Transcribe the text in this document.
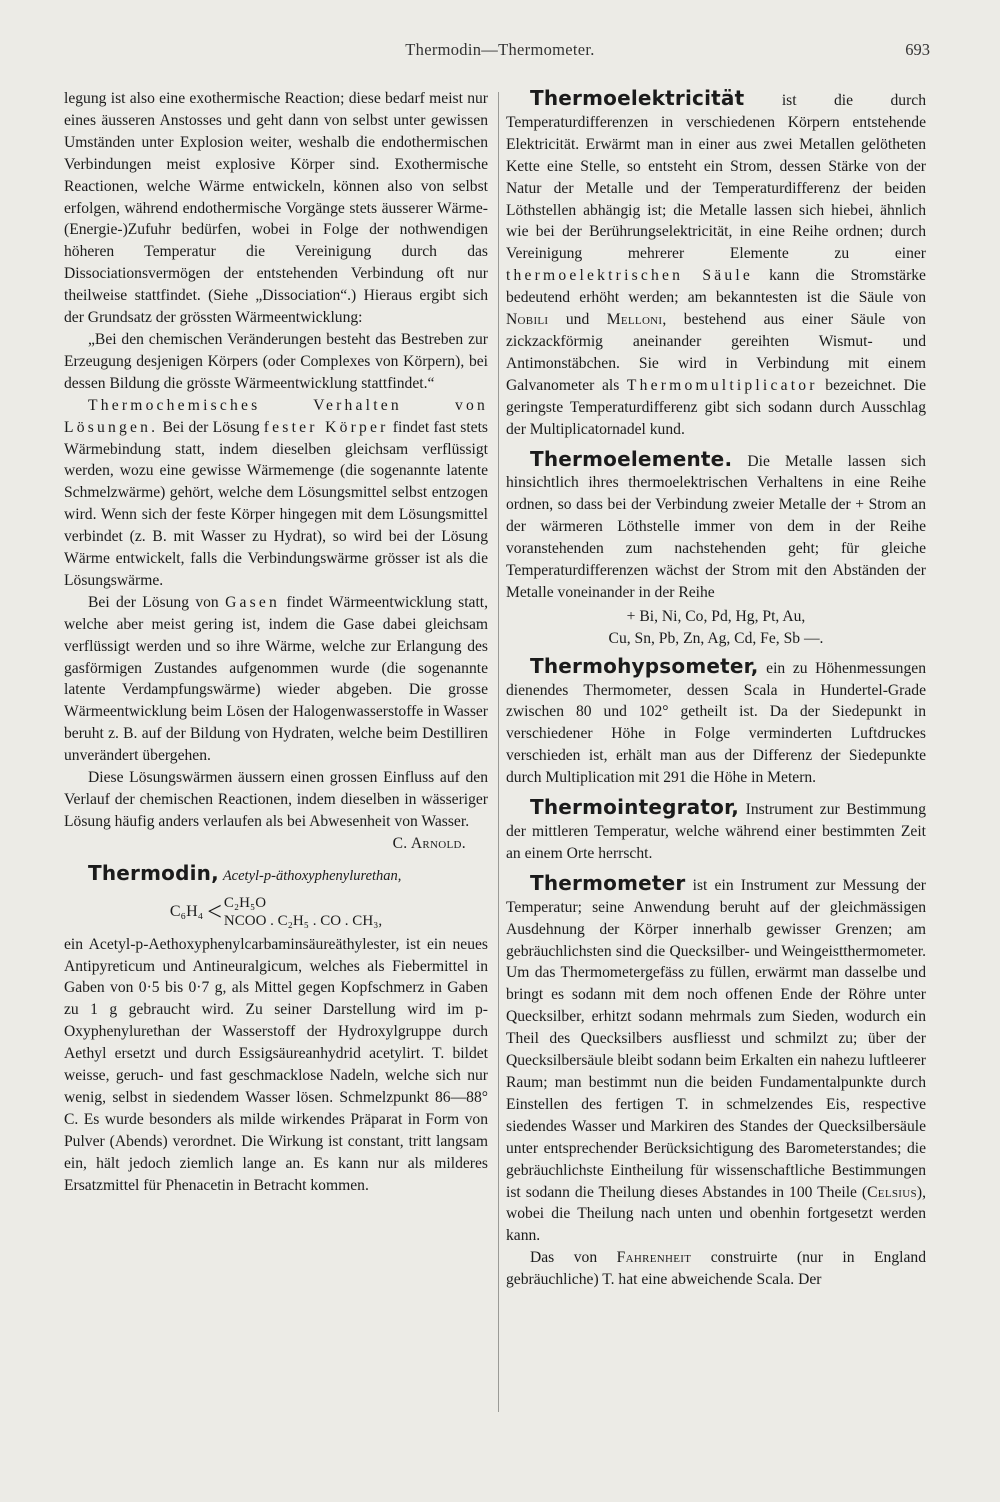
Thermodin—Thermometer.	693

legung ist also eine exothermische Reaction; diese bedarf meist nur eines äusseren Anstosses und geht dann von selbst unter gewissen Umständen unter Explosion weiter, weshalb die endothermischen Verbindungen meist explosive Körper sind. Exothermische Reactionen, welche Wärme entwickeln, können also von selbst erfolgen, während endothermische Vorgänge stets äusserer Wärme-(Energie-)Zufuhr bedürfen, wobei in Folge der nothwendigen höheren Temperatur die Vereinigung durch das Dissociationsvermögen der entstehenden Verbindung oft nur theilweise stattfindet. (Siehe „Dissociation“.) Hieraus ergibt sich der Grundsatz der grössten Wärmeentwicklung:

„Bei den chemischen Veränderungen besteht das Bestreben zur Erzeugung desjenigen Körpers (oder Complexes von Körpern), bei dessen Bildung die grösste Wärmeentwicklung stattfindet.“

Thermochemisches Verhalten von Lösungen. Bei der Lösung fester Körper findet fast stets Wärmebindung statt, indem dieselben gleichsam verflüssigt werden, wozu eine gewisse Wärmemenge (die sogenannte latente Schmelzwärme) gehört, welche dem Lösungsmittel selbst entzogen wird. Wenn sich der feste Körper hingegen mit dem Lösungsmittel verbindet (z. B. mit Wasser zu Hydrat), so wird bei der Lösung Wärme entwickelt, falls die Verbindungswärme grösser ist als die Lösungswärme.

Bei der Lösung von Gasen findet Wärmeentwicklung statt, welche aber meist gering ist, indem die Gase dabei gleichsam verflüssigt werden und so ihre Wärme, welche zur Erlangung des gasförmigen Zustandes aufgenommen wurde (die sogenannte latente Verdampfungswärme) wieder abgeben. Die grosse Wärmeentwicklung beim Lösen der Halogenwasserstoffe in Wasser beruht z. B. auf der Bildung von Hydraten, welche beim Destilliren unverändert übergehen.

Diese Lösungswärmen äussern einen grossen Einfluss auf den Verlauf der chemischen Reactionen, indem dieselben in wässeriger Lösung häufig anders verlaufen als bei Abwesenheit von Wasser.

C. Arnold.

Thermodin, Acetyl-p-äthoxyphenylurethan,

C₆H₄ < C₂H₅O
NCOO . C₂H₅ . CO . CH₃,

ein Acetyl-p-Aethoxyphenylcarbaminsäureäthylester, ist ein neues Antipyreticum und Antineuralgicum, welches als Fiebermittel in Gaben von 0·5 bis 0·7 g, als Mittel gegen Kopfschmerz in Gaben zu 1 g gebraucht wird. Zu seiner Darstellung wird im p-Oxyphenylurethan der Wasserstoff der Hydroxylgruppe durch Aethyl ersetzt und durch Essigsäureanhydrid acetylirt. T. bildet weisse, geruch- und fast geschmacklose Nadeln, welche sich nur wenig, selbst in siedendem Wasser lösen. Schmelzpunkt 86—88° C. Es wurde besonders als milde wirkendes Präparat in Form von Pulver (Abends) verordnet. Die Wirkung ist constant, tritt langsam ein, hält jedoch ziemlich lange an. Es kann nur als milderes Ersatzmittel für Phenacetin in Betracht kommen.

Thermoelektricität ist die durch Temperaturdifferenzen in verschiedenen Körpern entstehende Elektricität. Erwärmt man in einer aus zwei Metallen gelötheten Kette eine Stelle, so entsteht ein Strom, dessen Stärke von der Natur der Metalle und der Temperaturdifferenz der beiden Löthstellen abhängig ist; die Metalle lassen sich hiebei, ähnlich wie bei der Berührungselektricität, in eine Reihe ordnen; durch Vereinigung mehrerer Elemente zu einer thermoelektrischen Säule kann die Stromstärke bedeutend erhöht werden; am bekanntesten ist die Säule von Nobili und Melloni, bestehend aus einer Säule von zickzackförmig aneinander gereihten Wismut- und Antimonstäbchen. Sie wird in Verbindung mit einem Galvanometer als Thermomultiplicator bezeichnet. Die geringste Temperaturdifferenz gibt sich sodann durch Ausschlag der Multiplicatornadel kund.

Thermoelemente. Die Metalle lassen sich hinsichtlich ihres thermoelektrischen Verhaltens in eine Reihe ordnen, so dass bei der Verbindung zweier Metalle der + Strom an der wärmeren Löthstelle immer von dem in der Reihe voranstehenden zum nachstehenden geht; für gleiche Temperaturdifferenzen wächst der Strom mit den Abständen der Metalle voneinander in der Reihe

+ Bi, Ni, Co, Pd, Hg, Pt, Au,

Cu, Sn, Pb, Zn, Ag, Cd, Fe, Sb —.

Thermohypsometer, ein zu Höhenmessungen dienendes Thermometer, dessen Scala in Hundertel-Grade zwischen 80 und 102° getheilt ist. Da der Siedepunkt in verschiedener Höhe in Folge verminderten Luftdruckes verschieden ist, erhält man aus der Differenz der Siedepunkte durch Multiplication mit 291 die Höhe in Metern.

Thermointegrator, Instrument zur Bestimmung der mittleren Temperatur, welche während einer bestimmten Zeit an einem Orte herrscht.

Thermometer ist ein Instrument zur Messung der Temperatur; seine Anwendung beruht auf der gleichmässigen Ausdehnung der Körper innerhalb gewisser Grenzen; am gebräuchlichsten sind die Quecksilber- und Weingeistthermometer. Um das Thermometergefäss zu füllen, erwärmt man dasselbe und bringt es sodann mit dem noch offenen Ende der Röhre unter Quecksilber, erhitzt sodann mehrmals zum Sieden, wodurch ein Theil des Quecksilbers ausfliesst und schmilzt zu; über der Quecksilbersäule bleibt sodann beim Erkalten ein nahezu luftleerer Raum; man bestimmt nun die beiden Fundamentalpunkte durch Einstellen des fertigen T. in schmelzendes Eis, respective siedendes Wasser und Markiren des Standes der Quecksilbersäule unter entsprechender Berücksichtigung des Barometerstandes; die gebräuchlichste Eintheilung für wissenschaftliche Bestimmungen ist sodann die Theilung dieses Abstandes in 100 Theile (Celsius), wobei die Theilung nach unten und obenhin fortgesetzt werden kann.

Das von Fahrenheit construirte (nur in England gebräuchliche) T. hat eine abweichende Scala. Der
